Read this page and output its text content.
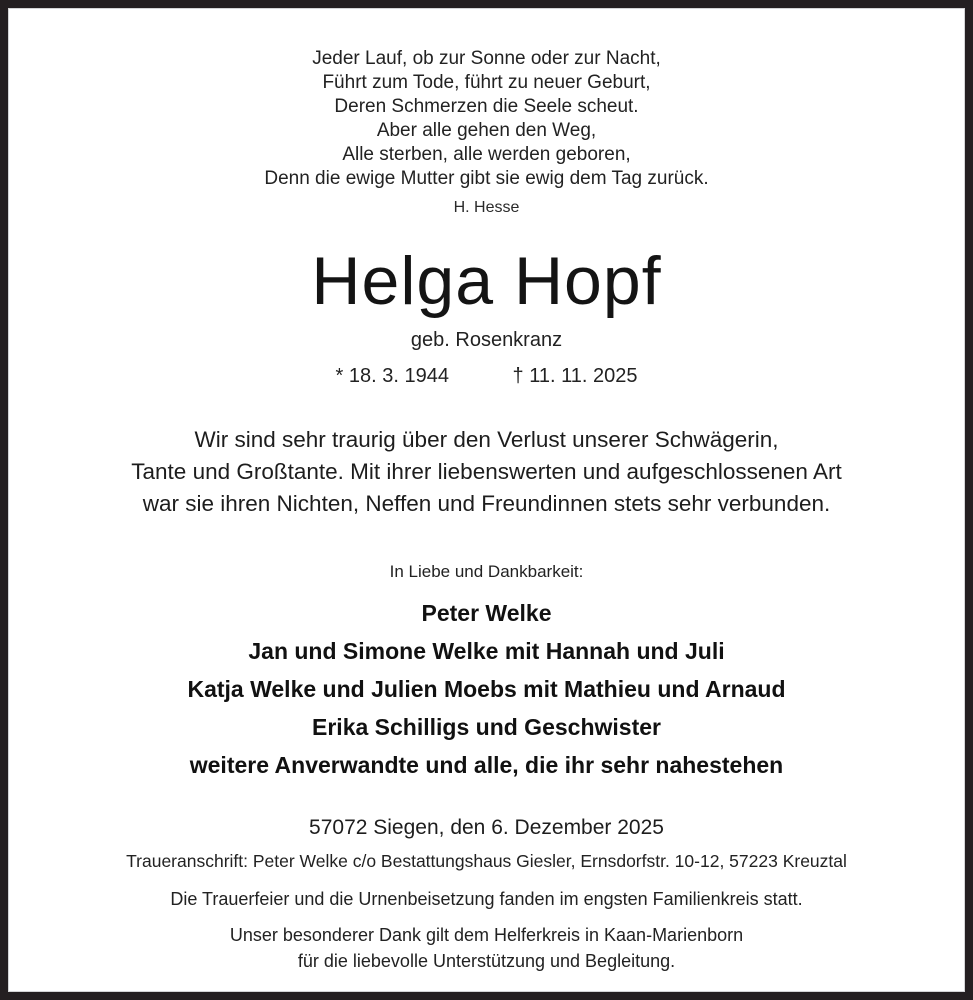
Jeder Lauf, ob zur Sonne oder zur Nacht,
Führt zum Tode, führt zu neuer Geburt,
Deren Schmerzen die Seele scheut.
Aber alle gehen den Weg,
Alle sterben, alle werden geboren,
Denn die ewige Mutter gibt sie ewig dem Tag zurück.
H. Hesse
Helga Hopf
geb. Rosenkranz
* 18. 3. 1944	† 11. 11. 2025
Wir sind sehr traurig über den Verlust unserer Schwägerin,
Tante und Großtante. Mit ihrer liebenswerten und aufgeschlossenen Art
war sie ihren Nichten, Neffen und Freundinnen stets sehr verbunden.
In Liebe und Dankbarkeit:
Peter Welke
Jan und Simone Welke mit Hannah und Juli
Katja Welke und Julien Moebs mit Mathieu und Arnaud
Erika Schilligs und Geschwister
weitere Anverwandte und alle, die ihr sehr nahestehen
57072 Siegen, den 6. Dezember 2025
Traueranschrift: Peter Welke c/o Bestattungshaus Giesler, Ernsdorfstr. 10-12, 57223 Kreuztal
Die Trauerfeier und die Urnenbeisetzung fanden im engsten Familienkreis statt.
Unser besonderer Dank gilt dem Helferkreis in Kaan-Marienborn
für die liebevolle Unterstützung und Begleitung.
